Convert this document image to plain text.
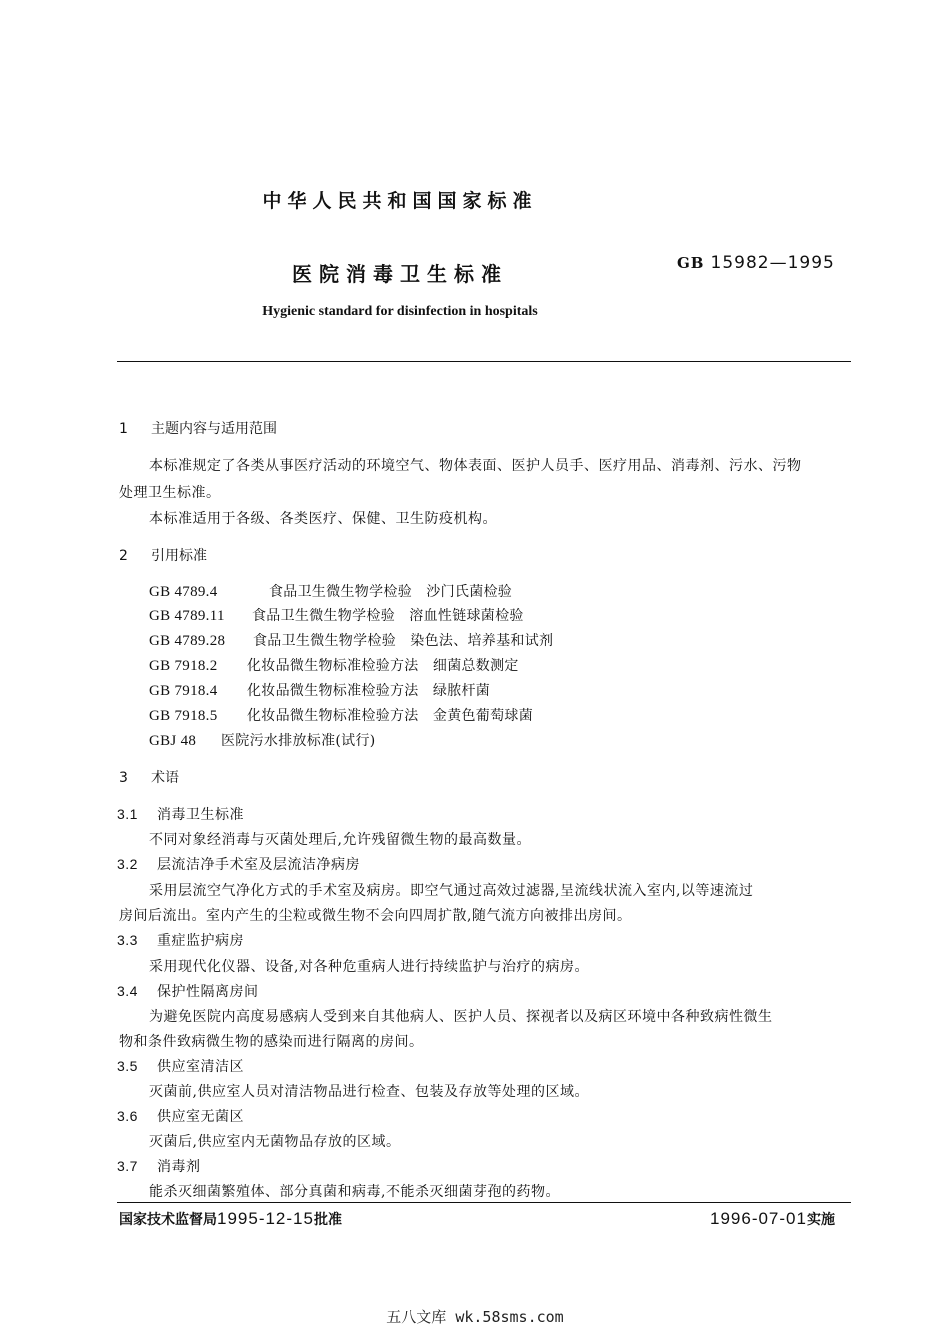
中华人民共和国国家标准
医院消毒卫生标准	GB 15982—1995
Hygienic standard for disinfection in hospitals
1 主题内容与适用范围
本标准规定了各类从事医疗活动的环境空气、物体表面、医护人员手、医疗用品、消毒剂、污水、污物
处理卫生标准。
本标准适用于各级、各类医疗、保健、卫生防疫机构。
2 引用标准
GB 4789.4	食品卫生微生物学检验　沙门氏菌检验
GB 4789.11 食品卫生微生物学检验　溶血性链球菌检验
GB 4789.28 食品卫生微生物学检验　染色法、培养基和试剂
GB 7918.2 化妆品微生物标准检验方法　细菌总数测定
GB 7918.4 化妆品微生物标准检验方法　绿脓杆菌
GB 7918.5 化妆品微生物标准检验方法　金黄色葡萄球菌
GBJ 48 医院污水排放标准(试行)
3 术语
3.1 消毒卫生标准
不同对象经消毒与灭菌处理后,允许残留微生物的最高数量。
3.2 层流洁净手术室及层流洁净病房
采用层流空气净化方式的手术室及病房。即空气通过高效过滤器,呈流线状流入室内,以等速流过
房间后流出。室内产生的尘粒或微生物不会向四周扩散,随气流方向被排出房间。
3.3 重症监护病房
采用现代化仪器、设备,对各种危重病人进行持续监护与治疗的病房。
3.4 保护性隔离房间
为避免医院内高度易感病人受到来自其他病人、医护人员、探视者以及病区环境中各种致病性微生
物和条件致病微生物的感染而进行隔离的房间。
3.5 供应室清洁区
灭菌前,供应室人员对清洁物品进行检查、包装及存放等处理的区域。
3.6 供应室无菌区
灭菌后,供应室内无菌物品存放的区域。
3.7 消毒剂
能杀灭细菌繁殖体、部分真菌和病毒,不能杀灭细菌芽孢的药物。
国家技术监督局1995-12-15批准	1996-07-01实施
五八文库 wk.58sms.com
